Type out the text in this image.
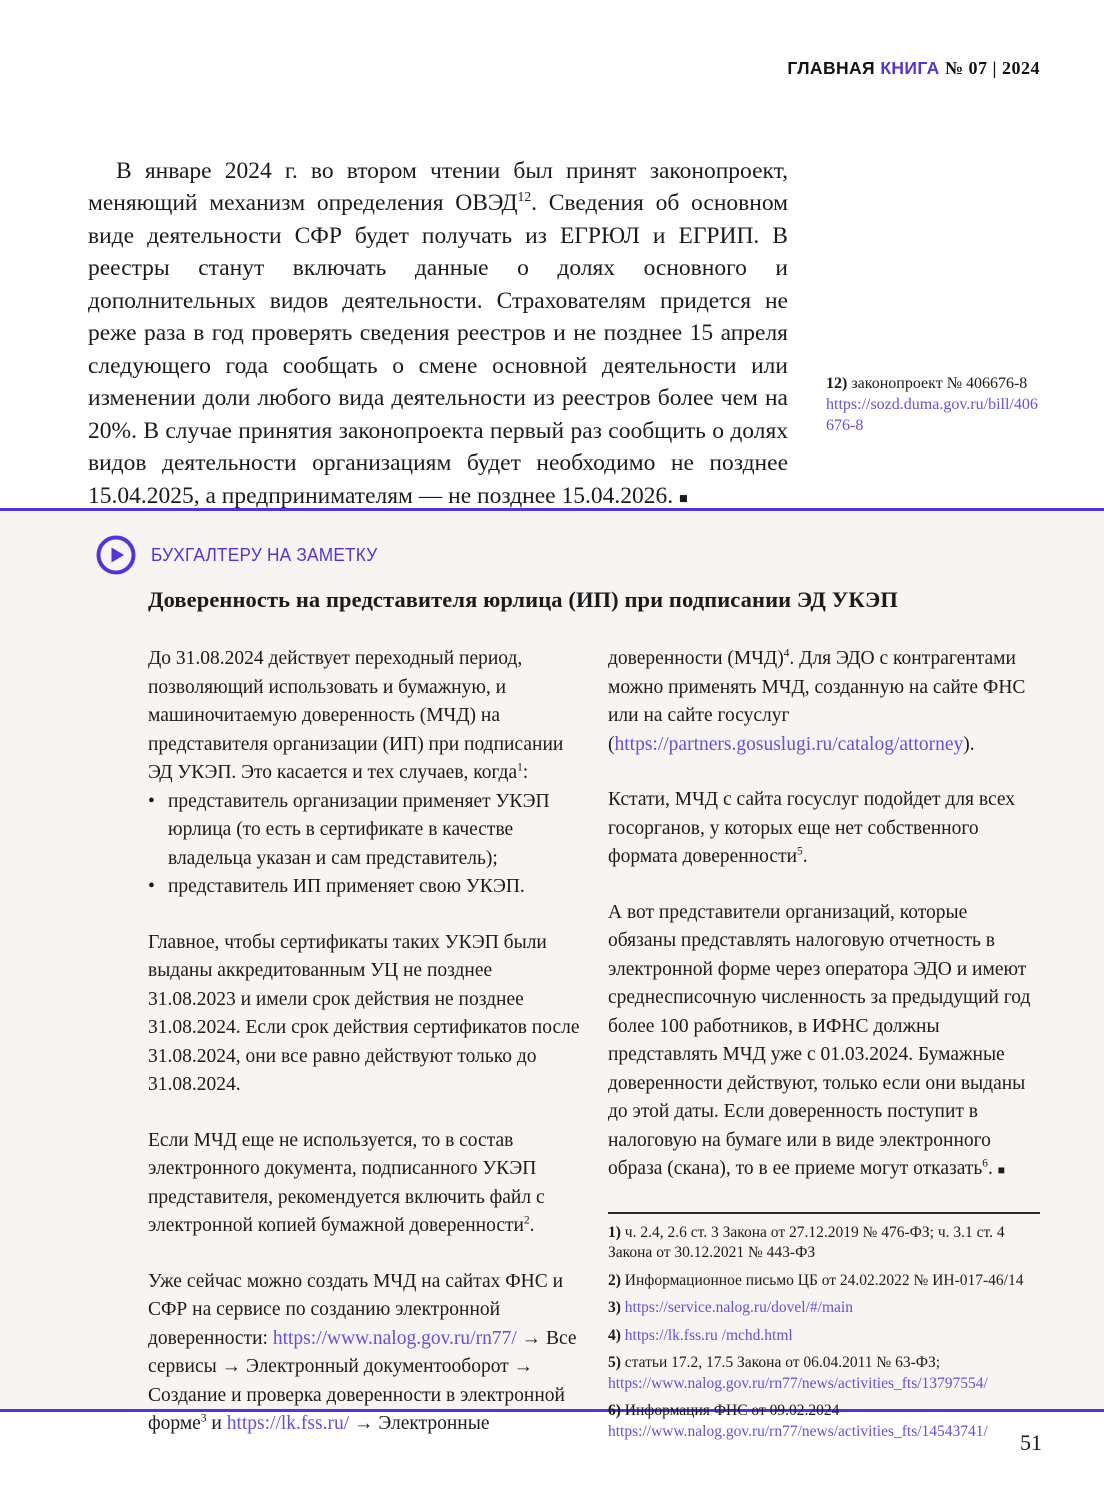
ГЛАВНАЯ КНИГА № 07 | 2024

В январе 2024 г. во втором чтении был принят законопроект, меняющий механизм определения ОВЭД$^{12}$. Сведения об основном виде деятельности СФР будет получать из ЕГРЮЛ и ЕГРИП. В реестры станут включать данные о долях основного и дополнительных видов деятельности. Страхователям придется не реже раза в год проверять сведения реестров и не позднее 15 апреля следующего года сообщать о смене основной деятельности или изменении доли любого вида деятельности из реестров более чем на 20%. В случае принятия законопроекта первый раз сообщить о долях видов деятельности организациям будет необходимо не позднее 15.04.2025, а предпринимателям — не позднее 15.04.2026. ■

12) законопроект № 406676-8
https://sozd.duma.gov.ru/bill/406676-8
БУХГАЛТЕРУ НА ЗАМЕТКУ
Доверенность на представителя юрлица (ИП) при подписании ЭД УКЭП

До 31.08.2024 действует переходный период, позволяющий использовать и бумажную, и машиночитаемую доверенность (МЧД) на представителя организации (ИП) при подписании ЭД УКЭП. Это касается и тех случаев, когда$^1$:

• представитель организации применяет УКЭП юрлица (то есть в сертификате в качестве владельца указан и сам представитель);
• представитель ИП применяет свою УКЭП.

Главное, чтобы сертификаты таких УКЭП были выданы аккредитованным УЦ не позднее 31.08.2023 и имели срок действия не позднее 31.08.2024. Если срок действия сертификатов после 31.08.2024, они все равно действуют только до 31.08.2024.

Если МЧД еще не используется, то в состав электронного документа, подписанного УКЭП представителя, рекомендуется включить файл с электронной копией бумажной доверенности$^2$.

Уже сейчас можно создать МЧД на сайтах ФНС и СФР на сервисе по созданию электронной доверенности: https://www.nalog.gov.ru/rn77/ → Все сервисы → Электронный документооборот → Создание и проверка доверенности в электронной форме$^3$ и https://lk.fss.ru/ → Электронные

доверенности (МЧД)$^4$. Для ЭДО с контрагентами можно применять МЧД, созданную на сайте ФНС или на сайте госуслуг (https://partners.gosuslugi.ru/catalog/attorney).

Кстати, МЧД с сайта госуслуг подойдет для всех госорганов, у которых еще нет собственного формата доверенности$^5$.

А вот представители организаций, которые обязаны представлять налоговую отчетность в электронной форме через оператора ЭДО и имеют среднесписочную численность за предыдущий год более 100 работников, в ИФНС должны представлять МЧД уже с 01.03.2024. Бумажные доверенности действуют, только если они выданы до этой даты. Если доверенность поступит в налоговую на бумаге или в виде электронного образа (скана), то в ее приеме могут отказать$^6$. ■

1) ч. 2.4, 2.6 ст. 3 Закона от 27.12.2019 № 476-ФЗ; ч. 3.1 ст. 4 Закона от 30.12.2021 № 443-ФЗ
2) Информационное письмо ЦБ от 24.02.2022 № ИН-017-46/14
3) https://service.nalog.ru/dovel/#/main
4) https://lk.fss.ru /mchd.html
5) статьи 17.2, 17.5 Закона от 06.04.2011 № 63-ФЗ;
https://www.nalog.gov.ru/rn77/news/activities_fts/13797554/
6) Информация ФНС от 09.02.2024
https://www.nalog.gov.ru/rn77/news/activities_fts/14543741/	51
